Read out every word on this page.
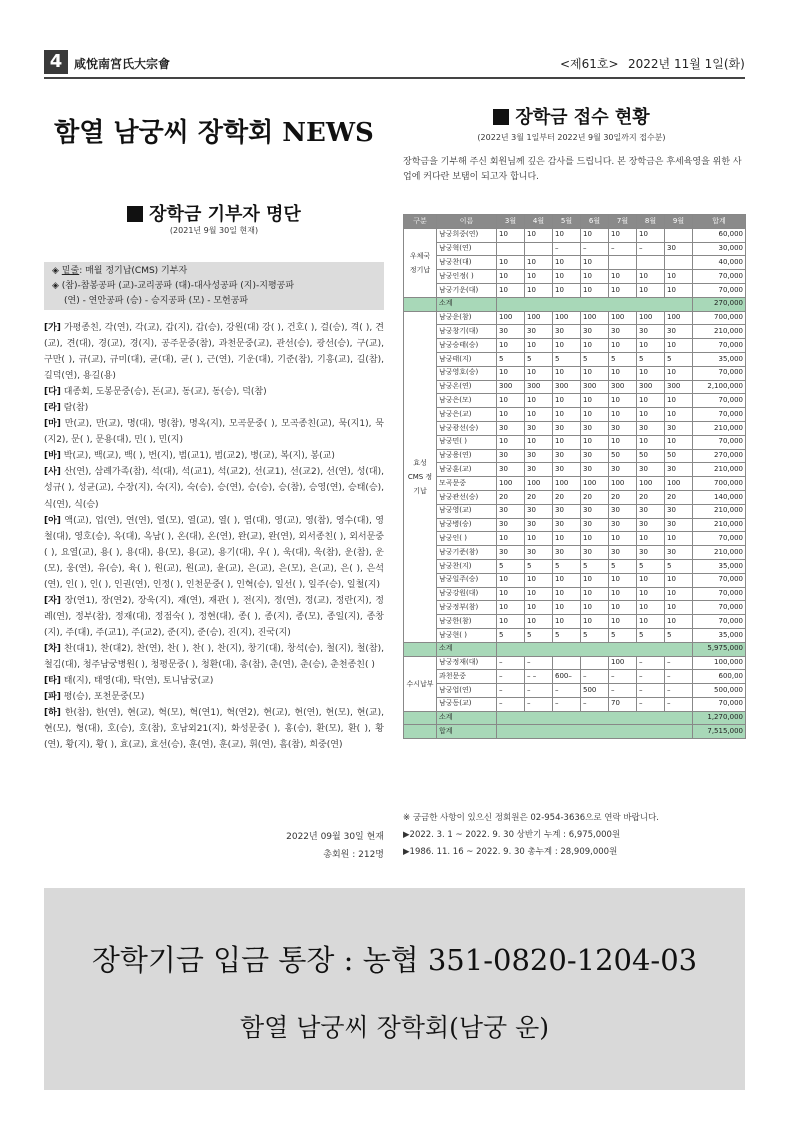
4 咸悅南宮氏大宗會	<제61호> 2022년 11월 1일(화)
함열 남궁씨 장학회 NEWS
장학금 기부자 명단
(2021년 9월 30일 현재)
◈ 밑줄: 매월 정기납(CMS) 기부자
◈ (참)-참봉공파 (교)-교리공파 (대)-대사성공파 (지)-지평공파
(연) - 연안공파 (승) - 승지공파 (모) - 모헌공파

[가] 가평종친, 각(연), 각(교), 갑(지), 갑(승), 강원(대) 강( ), 건호( ), 걸(승), 격( ), 견(교), 견(대), 경(교), 경(지), 공주문중(참), 과천문중(교), 관선(승), 광선(승), 구(교), 구만( ), 규(교), 규미(대), 균(대), 균( ), 근(연), 기운(대), 기준(참), 기흥(교), 길(참), 길덕(연), 용길(용)

[다] 대종회, 도봉문중(승), 돈(교), 동(교), 동(승), 덕(참)

[라] 람(참)

[마] 만(교), 만(교), 명(대), 명(참), 명옥(지), 모곡문중( ), 모곡종친(교), 묵(지1), 묵(지2), 문( ), 문용(대), 민( ), 민(지)

[바] 박(교), 백(교), 백( ), 번(지), 범(교1), 범(교2), 병(교), 복(지), 봉(교)

[사] 산(연), 삼례가족(참), 석(대), 석(교1), 석(교2), 선(교1), 선(교2), 선(연), 성(대), 성규( ), 성균(교), 수장(지), 숙(지), 숙(승), 승(연), 승(승), 승(참), 승영(연), 승태(승), 식(연), 식(승)

[아] 액(교), 업(연), 연(연), 열(모), 열(교), 열( ), 염(대), 영(교), 영(참), 영수(대), 영철(대), 영호(승), 옥(대), 옥남( ), 온(대), 온(연), 완(교), 완(연), 외서종친( ), 외서문중( ), 요열(교), 용( ), 용(대), 용(모), 용(교), 용기(대), 우( ), 욱(대), 욱(참), 운(참), 운(모), 웅(연), 유(승), 육( ), 원(교), 원(교), 윤(교), 은(교), 은(모), 은(교), 은( ), 은석(연), 인( ), 인( ), 인권(연), 인정( ), 인천문중( ), 인혁(승), 일선( ), 일주(승), 일철(지)

[자] 장(연1), 장(연2), 장욱(지), 재(연), 재관( ), 전(지), 정(연), 정(교), 정란(지), 정례(연), 정부(참), 정재(대), 정점숙( ), 정현(대), 종( ), 종(지), 종(모), 종일(지), 종창(지), 주(대), 주(교1), 주(교2), 준(지), 준(승), 진(지), 진국(지)

[차] 찬(대1), 찬(대2), 찬(연), 찬( ), 찬( ), 찬(지), 창기(대), 창석(승), 철(지), 철(참), 철김(대), 청주남궁병원( ), 청평문중( ), 청환(대), 총(참), 춘(연), 춘(승), 춘천종친( )

[타] 태(지), 태영(대), 탁(연), 토니남궁(교)

[파] 평(승), 포천문중(모)

[하] 한(참), 한(연), 현(교), 혁(모), 혁(연1), 혁(연2), 현(교), 현(연), 현(모), 현(교), 현(모), 형(대), 호(승), 호(참), 호남외21(지), 화성문중( ), 홍(승), 환(모), 환( ), 황(연), 황(지), 황( ), 효(교), 효선(승), 훈(연), 훈(교), 휘(연), 흠(참), 희중(연)

2022년 09월 30일 현재
총회원 : 212명
장학금 접수 현황
(2022년 3월 1일부터 2022년 9월 30일까지 접수분)
장학금을 기부해 주신 회원님께 깊은 감사를 드립니다. 본 장학금은 후세육영을 위한 사업에 커다란 보탬이 되고자 합니다.
구분	이름	3월	4월	5월	6월	7월	8월	9월	합계
우체국 정기납	남궁희중(연)	10	10	10	10	10	10		60,000
	남궁혁(연)			–	–	–	–	30	30,000
	남궁찬(대)	10	10	10	10				40,000
	남궁인정( )	10	10	10	10	10	10	10	70,000
	남궁기운(대)	10	10	10	10	10	10	10	70,000
	소계								270,000
효성 CMS 정기납	남궁운(참)	100	100	100	100	100	100	100	700,000
	남궁창기(대)	30	30	30	30	30	30	30	210,000
	남궁승태(승)	10	10	10	10	10	10	10	70,000
	남궁태(지)	5	5	5	5	5	5	5	35,000
	남궁영호(승)	10	10	10	10	10	10	10	70,000
	남궁온(연)	300	300	300	300	300	300	300	2,100,000
	남궁은(모)	10	10	10	10	10	10	10	70,000
	남궁은(교)	10	10	10	10	10	10	10	70,000
	남궁광선(승)	30	30	30	30	30	30	30	210,000
	남궁민( )	10	10	10	10	10	10	10	70,000
	남궁용(연)	30	30	30	30	50	50	50	270,000
	남궁훈(교)	30	30	30	30	30	30	30	210,000
	모곡문중	100	100	100	100	100	100	100	700,000
	남궁관선(승)	20	20	20	20	20	20	20	140,000
	남궁영(교)	30	30	30	30	30	30	30	210,000
	남궁병(승)	30	30	30	30	30	30	30	210,000
	남궁인( )	10	10	10	10	10	10	10	70,000
	남궁기준(참)	30	30	30	30	30	30	30	210,000
	남궁찬(지)	5	5	5	5	5	5	5	35,000
	남궁일주(승)	10	10	10	10	10	10	10	70,000
	남궁강원(대)	10	10	10	10	10	10	10	70,000
	남궁정부(참)	10	10	10	10	10	10	10	70,000
	남궁한(참)	10	10	10	10	10	10	10	70,000
	남궁현( )	5	5	5	5	5	5	5	35,000
	소계								5,975,000
수시납부	남궁정재(대)	–	–			100	–	–	100,000
	과천문중	–	– –	600–	–	–	–	–	600,00
	남궁업(연)	–	–	–	500	–	–	–	500,000
	남궁동(교)	–	–	–	–	70	–	–	70,000
	소계								1,270,000
	합계								7,515,000
※ 궁금한 사항이 있으신 정회원은 02-954-3636으로 연락 바랍니다.
▶2022. 3. 1 ~ 2022. 9. 30 상반기 누계 : 6,975,000원
▶1986. 11. 16 ~ 2022. 9. 30 총누계 : 28,909,000원
장학기금 입금 통장 : 농협 351-0820-1204-03
함열 남궁씨 장학회(남궁 운)
